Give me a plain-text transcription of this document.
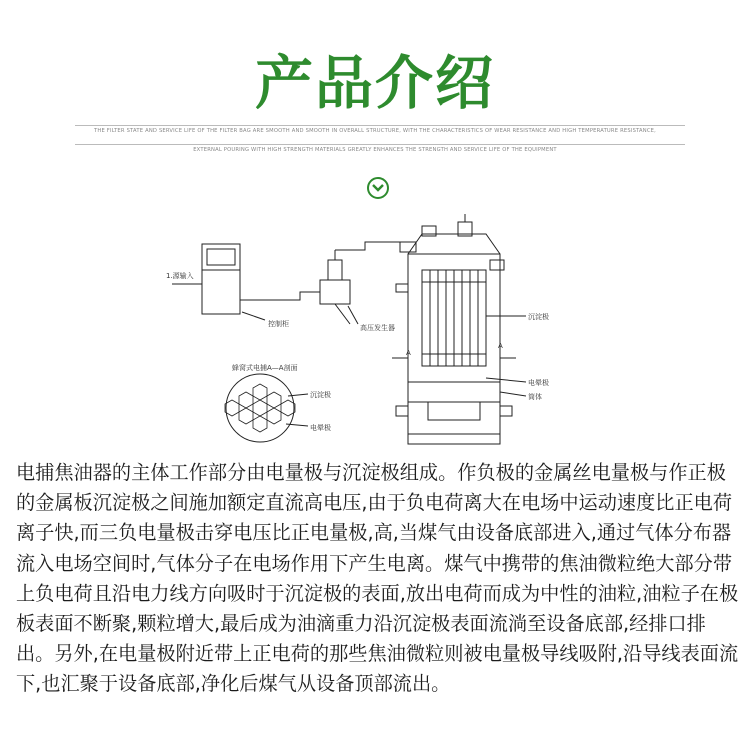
产品介绍
THE FILTER STATE AND SERVICE LIFE OF THE FILTER BAG ARE SMOOTH AND SMOOTH IN OVERALL STRUCTURE, WITH THE CHARACTERISTICS OF WEAR RESISTANCE AND HIGH TEMPERATURE RESISTANCE,
EXTERNAL POURING WITH HIGH STRENGTH MATERIALS GREATLY ENHANCES THE STRENGTH AND SERVICE LIFE OF THE EQUIPMENT
1.源输入
控制柜	高压发生器
蜂窝式电捕A—A剖面
沉淀极
电晕极
沉淀极
电晕极
筒体
A
A

电捕焦油器的主体工作部分由电量极与沉淀极组成。作负极的金属丝电量极与作正极的金属板沉淀极之间施加额定直流高电压,由于负电荷离大在电场中运动速度比正电荷离子快,而三负电量极击穿电压比正电量极,高,当煤气由设备底部进入,通过气体分布器流入电场空间时,气体分子在电场作用下产生电离。煤气中携带的焦油微粒绝大部分带上负电荷且沿电力线方向吸时于沉淀极的表面,放出电荷而成为中性的油粒,油粒子在极板表面不断聚,颗粒增大,最后成为油滴重力沿沉淀极表面流淌至设备底部,经排口排出。另外,在电量极附近带上正电荷的那些焦油微粒则被电量极导线吸附,沿导线表面流下,也汇聚于设备底部,净化后煤气从设备顶部流出。
